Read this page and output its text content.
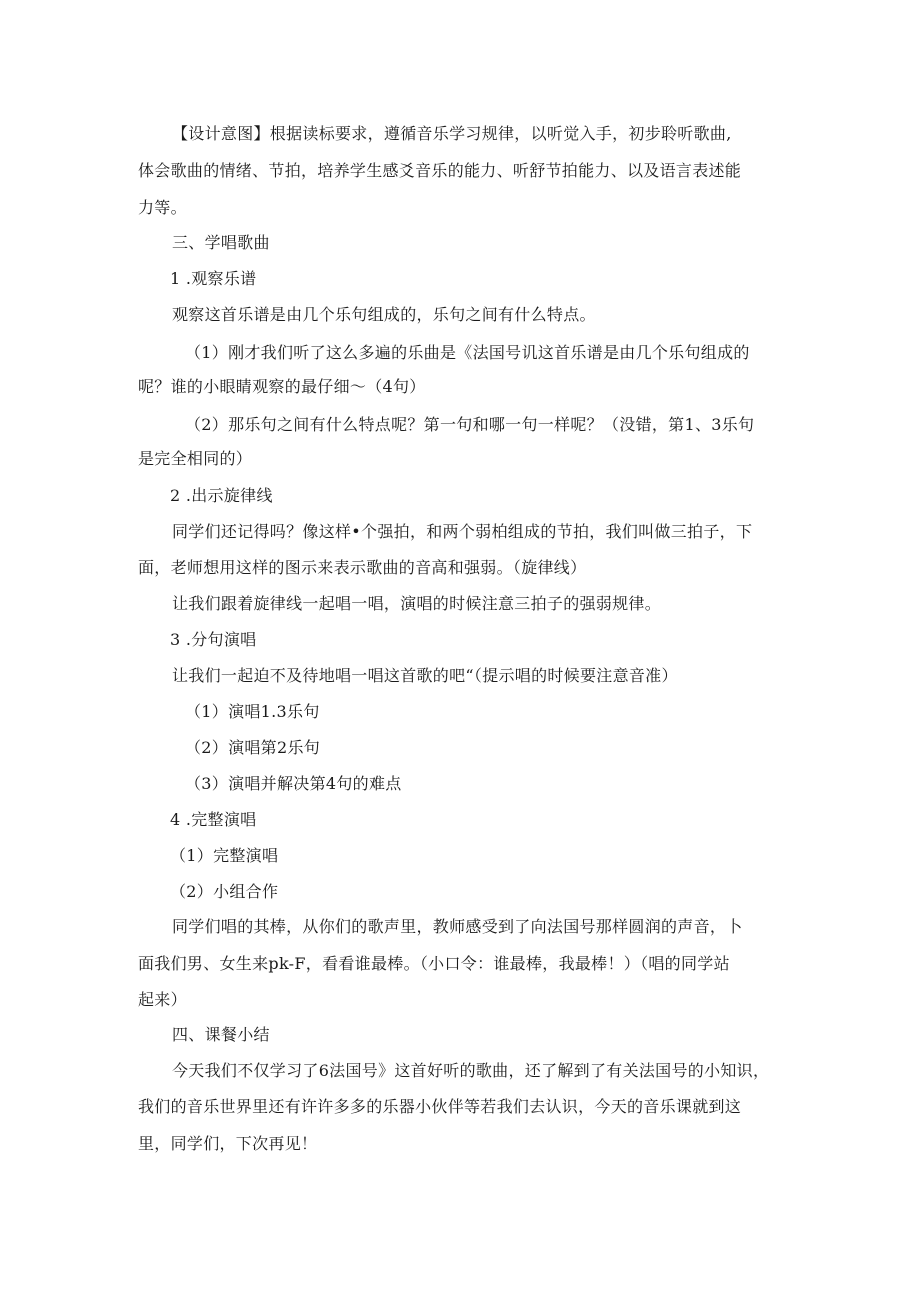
【设计意图】根据读标要求，遵循音乐学习规律，以听觉入手，初步聆听歌曲,

体会歌曲的情绪、节拍，培养学生感爻音乐的能力、听舒节拍能力、以及语言表述能

力等。

三、学唱歌曲

1 .观察乐谱

观察这首乐谱是由几个乐句组成的，乐句之间有什么特点。

（1）刚才我们听了这么多遍的乐曲是《法国号讥这首乐谱是由几个乐句组成的

呢？谁的小眼睛观察的最仔细～（4句）

（2）那乐句之间有什么特点呢？第一句和哪一句一样呢？（没错，第1、3乐句

是完全相同的）

2 .出示旋律线

同学们还记得吗？像这样•个强拍，和两个弱柏组成的节拍，我们叫做三拍子，下

面，老师想用这样的图示来表示歌曲的音高和强弱。（旋律线）

让我们跟着旋律线一起唱一唱，演唱的时候注意三拍子的强弱规律。

3 .分句演唱

让我们一起迫不及待地唱一唱这首歌的吧“（提示唱的时候要注意音准）

（1）演唱1.3乐句

（2）演唱第2乐句

（3）演唱并解决第4句的难点

4 .完整演唱

（1）完整演唱

（2）小组合作

同学们唱的其棒，从你们的歌声里，教师感受到了向法国号那样圆润的声音，卜

面我们男、女生来pk-F，看看谁最棒。（小口令：谁最棒，我最棒！）（唱的同学站

起来）

四、课餐小结

今天我们不仅学习了6法国号》这首好听的歌曲，还了解到了有关法国号的小知识，

我们的音乐世界里还有许许多多的乐器小伙伴等若我们去认识，今天的音乐课就到这

里，同学们，下次再见！
